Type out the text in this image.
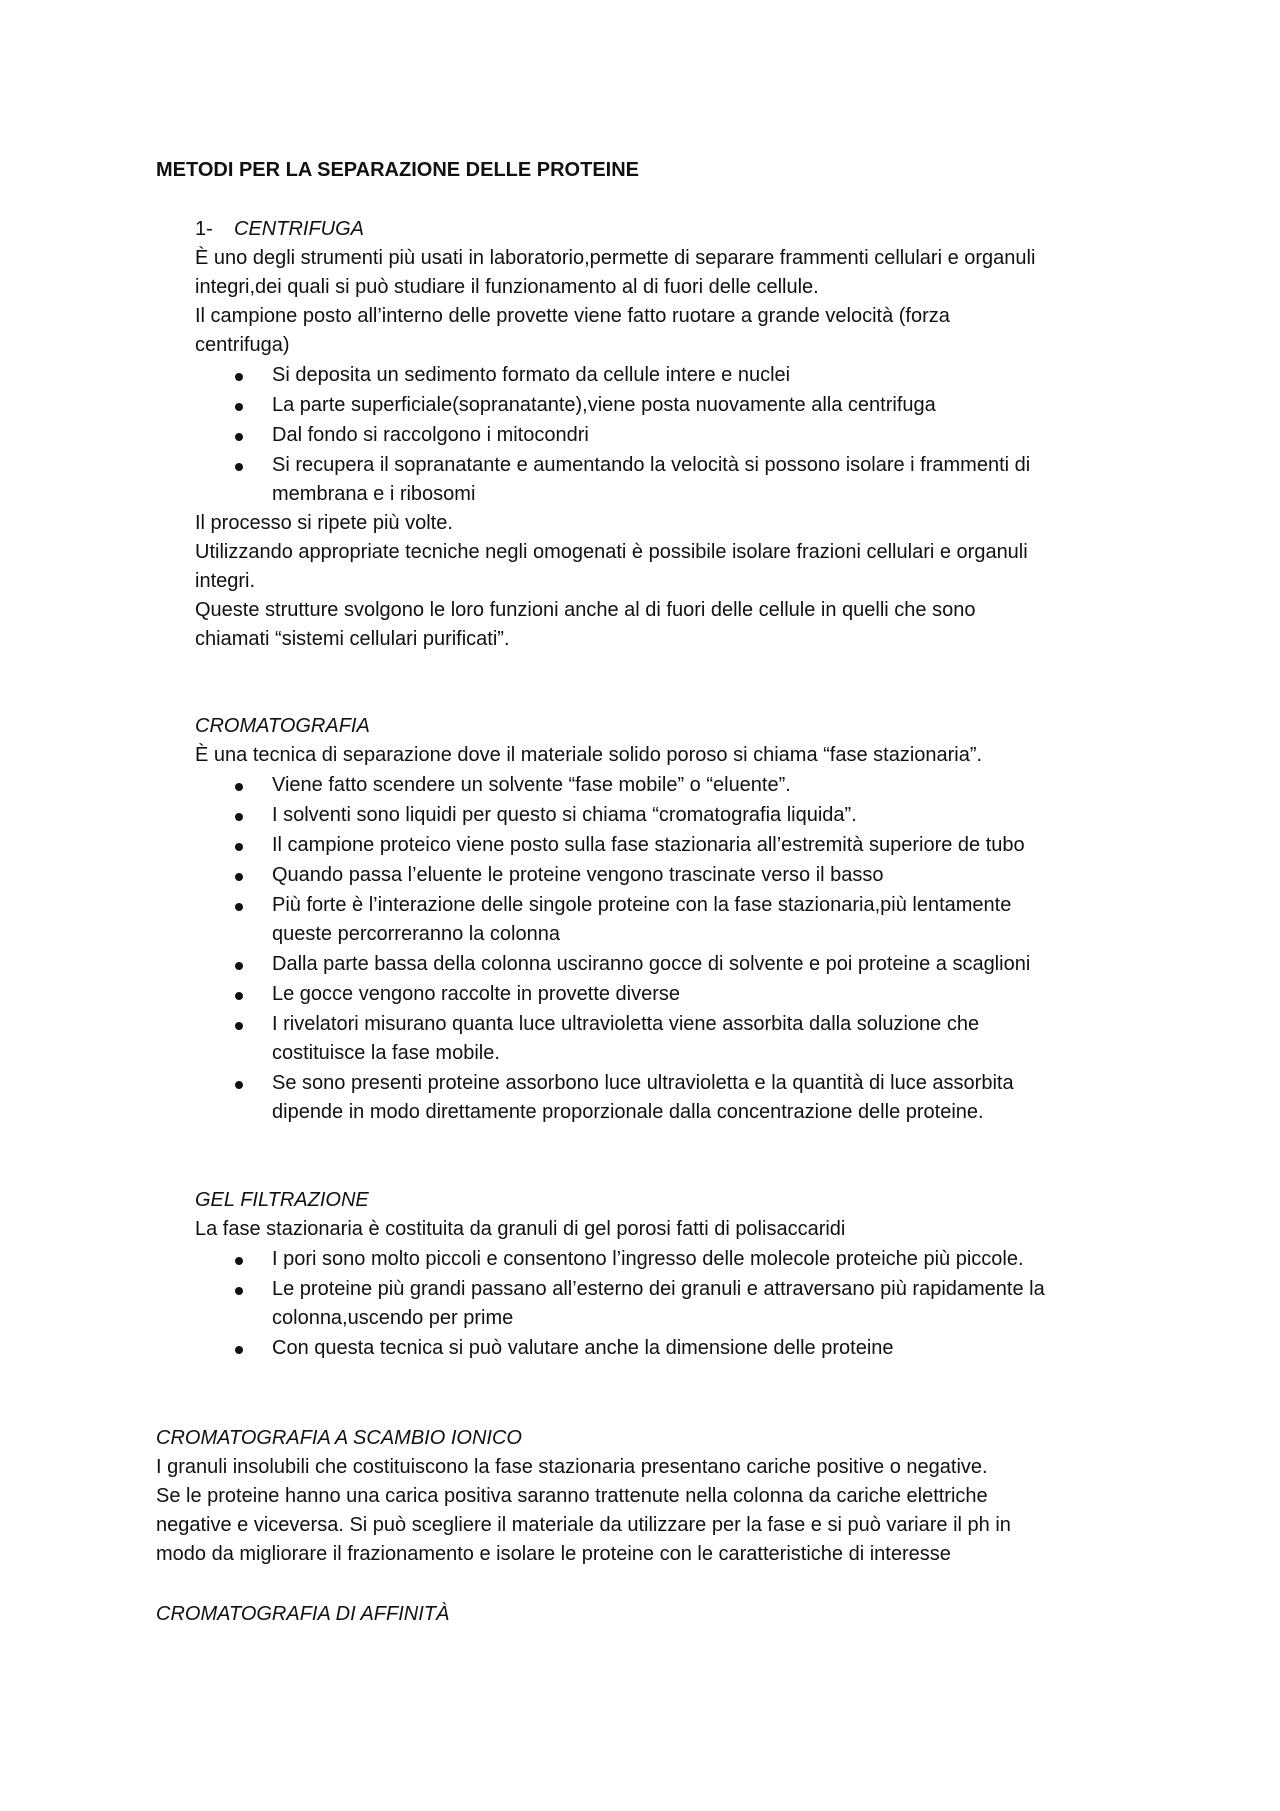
METODI PER LA SEPARAZIONE DELLE PROTEINE

1- CENTRIFUGA

È uno degli strumenti più usati in laboratorio,permette di separare frammenti cellulari e organuli

integri,dei quali si può studiare il funzionamento al di fuori delle cellule.

Il campione posto all’interno delle provette viene fatto ruotare a grande velocità (forza

centrifuga)

Si deposita un sedimento formato da cellule intere e nuclei

La parte superficiale(sopranatante),viene posta nuovamente alla centrifuga

Dal fondo si raccolgono i mitocondri

Si recupera il sopranatante e aumentando la velocità si possono isolare i frammenti di

membrana e i ribosomi

Il processo si ripete più volte.

Utilizzando appropriate tecniche negli omogenati è possibile isolare frazioni cellulari e organuli

integri.

Queste strutture svolgono le loro funzioni anche al di fuori delle cellule in quelli che sono

chiamati “sistemi cellulari purificati”.

CROMATOGRAFIA

È una tecnica di separazione dove il materiale solido poroso si chiama “fase stazionaria”.

Viene fatto scendere un solvente “fase mobile” o “eluente”.

I solventi sono liquidi per questo si chiama “cromatografia liquida”.

Il campione proteico viene posto sulla fase stazionaria all’estremità superiore de tubo

Quando passa l’eluente le proteine vengono trascinate verso il basso

Più forte è l’interazione delle singole proteine con la fase stazionaria,più lentamente

queste percorreranno la colonna

Dalla parte bassa della colonna usciranno gocce di solvente e poi proteine a scaglioni

Le gocce vengono raccolte in provette diverse

I rivelatori misurano quanta luce ultravioletta viene assorbita dalla soluzione che

costituisce la fase mobile.

Se sono presenti proteine assorbono luce ultravioletta e la quantità di luce assorbita

dipende in modo direttamente proporzionale dalla concentrazione delle proteine.

GEL FILTRAZIONE

La fase stazionaria è costituita da granuli di gel porosi fatti di polisaccaridi

I pori sono molto piccoli e consentono l’ingresso delle molecole proteiche più piccole.

Le proteine più grandi passano all’esterno dei granuli e attraversano più rapidamente la

colonna,uscendo per prime

Con questa tecnica si può valutare anche la dimensione delle proteine

CROMATOGRAFIA A SCAMBIO IONICO

I granuli insolubili che costituiscono la fase stazionaria presentano cariche positive o negative.

Se le proteine hanno una carica positiva saranno trattenute nella colonna da cariche elettriche

negative e viceversa. Si può scegliere il materiale da utilizzare per la fase e si può variare il ph in

modo da migliorare il frazionamento e isolare le proteine con le caratteristiche di interesse

CROMATOGRAFIA DI AFFINITÀ
